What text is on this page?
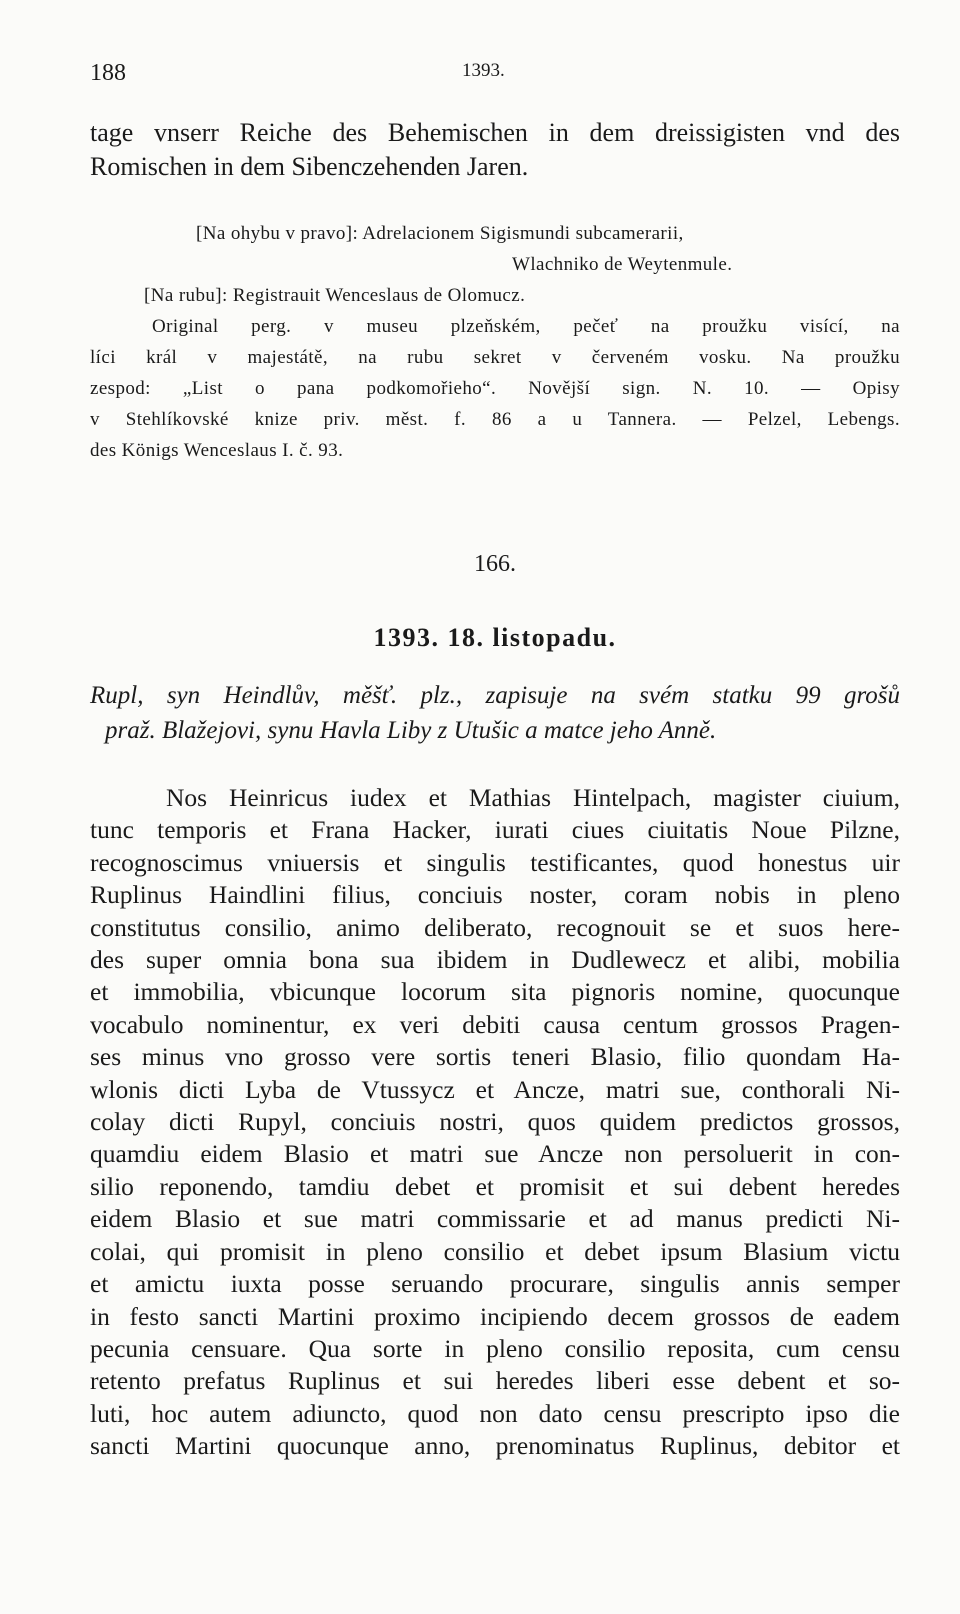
188	1393.
tage vnserr Reiche des Behemischen in dem dreissigisten vnd des
Romischen in dem Sibenczehenden Jaren.
[Na ohybu v pravo]: Adrelacionem Sigismundi subcamerarii,
Wlachniko de Weytenmule.
[Na rubu]: Registrauit Wenceslaus de Olomucz.
Original perg. v museu plzeňském, pečeť na proužku visící, na
líci král v majestátě, na rubu sekret v červeném vosku. Na proužku
zespod: „List o pana podkomořieho“. Novější sign. N. 10. — Opisy
v Stehlíkovské knize priv. měst. f. 86 a u Tannera. — Pelzel, Lebengs.
des Königs Wenceslaus I. č. 93.
166.
1393. 18. listopadu.
Rupl, syn Heindlův, měšť. plz., zapisuje na svém statku 99 grošů
praž. Blažejovi, synu Havla Liby z Utušic a matce jeho Anně.
Nos Heinricus iudex et Mathias Hintelpach, magister ciuium,
tunc temporis et Frana Hacker, iurati ciues ciuitatis Noue Pilzne,
recognoscimus vniuersis et singulis testificantes, quod honestus uir
Ruplinus Haindlini filius, conciuis noster, coram nobis in pleno
constitutus consilio, animo deliberato, recognouit se et suos here-
des super omnia bona sua ibidem in Dudlewecz et alibi, mobilia
et immobilia, vbicunque locorum sita pignoris nomine, quocunque
vocabulo nominentur, ex veri debiti causa centum grossos Pragen-
ses minus vno grosso vere sortis teneri Blasio, filio quondam Ha-
wlonis dicti Lyba de Vtussycz et Ancze, matri sue, conthorali Ni-
colay dicti Rupyl, conciuis nostri, quos quidem predictos grossos,
quamdiu eidem Blasio et matri sue Ancze non persoluerit in con-
silio reponendo, tamdiu debet et promisit et sui debent heredes
eidem Blasio et sue matri commissarie et ad manus predicti Ni-
colai, qui promisit in pleno consilio et debet ipsum Blasium victu
et amictu iuxta posse seruando procurare, singulis annis semper
in festo sancti Martini proximo incipiendo decem grossos de eadem
pecunia censuare. Qua sorte in pleno consilio reposita, cum censu
retento prefatus Ruplinus et sui heredes liberi esse debent et so-
luti, hoc autem adiuncto, quod non dato censu prescripto ipso die
sancti Martini quocunque anno, prenominatus Ruplinus, debitor et
